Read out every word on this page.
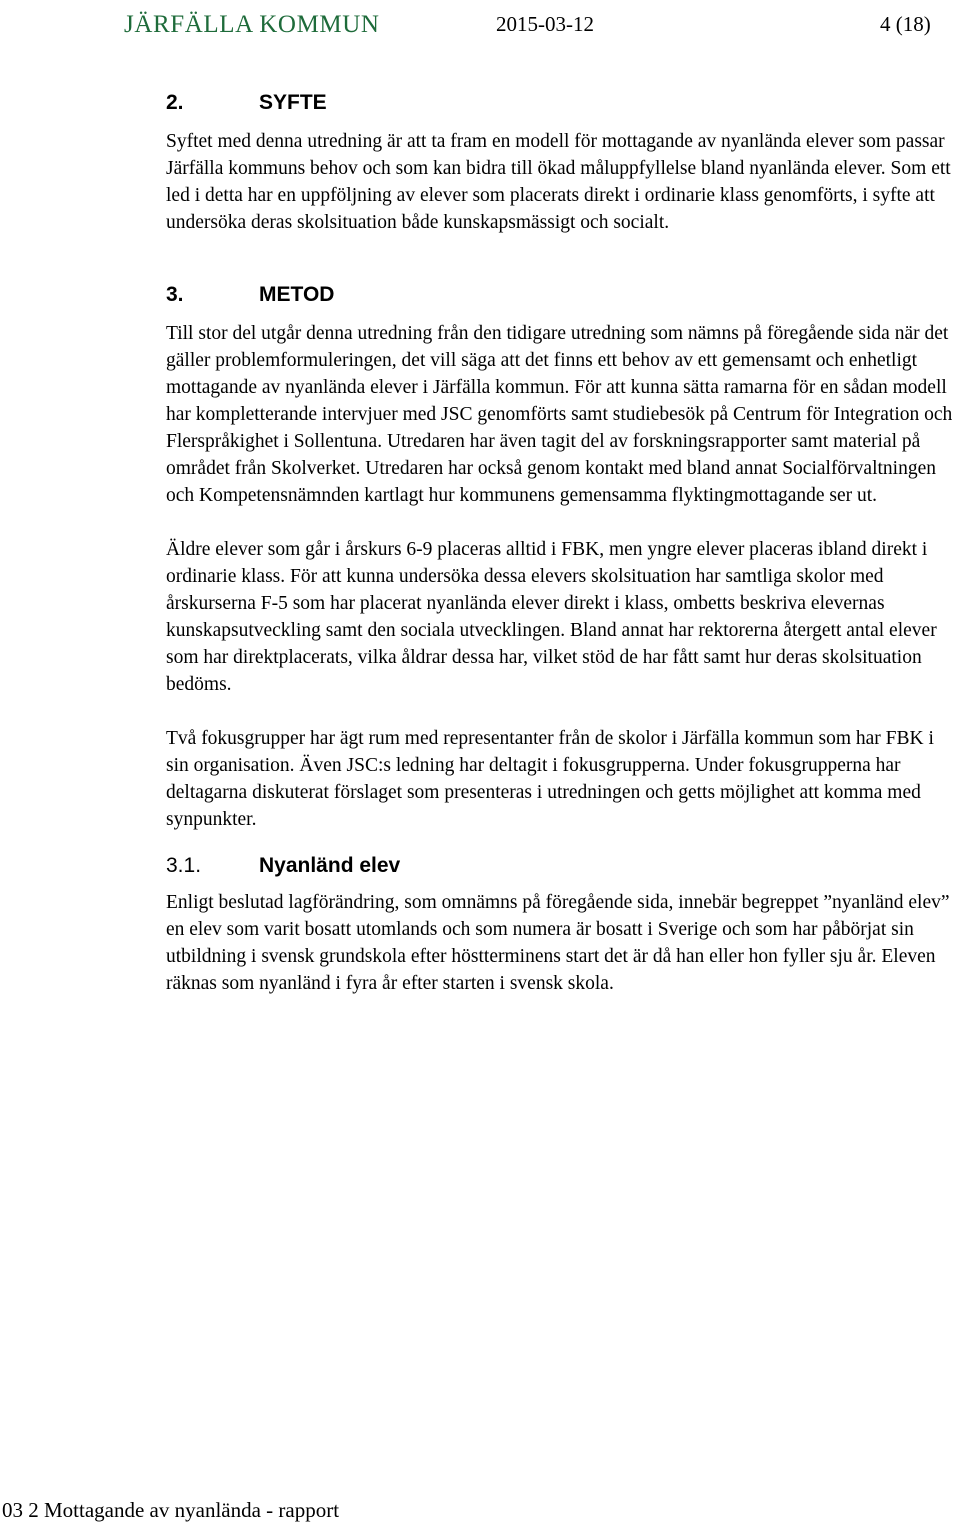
JÄRFÄLLA KOMMUN	2015-03-12	4 (18)
2.	SYFTE

Syftet med denna utredning är att ta fram en modell för mottagande av nyanlända elever som passar Järfälla kommuns behov och som kan bidra till ökad måluppfyllelse bland nyanlända elever. Som ett led i detta har en uppföljning av elever som placerats direkt i ordinarie klass genomförts, i syfte att undersöka deras skolsituation både kunskapsmässigt och socialt.

3.	METOD

Till stor del utgår denna utredning från den tidigare utredning som nämns på föregående sida när det gäller problemformuleringen, det vill säga att det finns ett behov av ett gemensamt och enhetligt mottagande av nyanlända elever i Järfälla kommun. För att kunna sätta ramarna för en sådan modell har kompletterande intervjuer med JSC genomförts samt studiebesök på Centrum för Integration och Flerspråkighet i Sollentuna. Utredaren har även tagit del av forskningsrapporter samt material på området från Skolverket. Utredaren har också genom kontakt med bland annat Socialförvaltningen och Kompetensnämnden kartlagt hur kommunens gemensamma flyktingmottagande ser ut.

Äldre elever som går i årskurs 6-9 placeras alltid i FBK, men yngre elever placeras ibland direkt i ordinarie klass. För att kunna undersöka dessa elevers skolsituation har samtliga skolor med årskurserna F-5 som har placerat nyanlända elever direkt i klass, ombetts beskriva elevernas kunskapsutveckling samt den sociala utvecklingen. Bland annat har rektorerna återgett antal elever som har direktplacerats, vilka åldrar dessa har, vilket stöd de har fått samt hur deras skolsituation bedöms.

Två fokusgrupper har ägt rum med representanter från de skolor i Järfälla kommun som har FBK i sin organisation. Även JSC:s ledning har deltagit i fokusgrupperna. Under fokusgrupperna har deltagarna diskuterat förslaget som presenteras i utredningen och getts möjlighet att komma med synpunkter.

3.1.	Nyanländ elev

Enligt beslutad lagförändring, som omnämns på föregående sida, innebär begreppet ”nyanländ elev” en elev som varit bosatt utomlands och som numera är bosatt i Sverige och som har påbörjat sin utbildning i svensk grundskola efter höstterminens start det är då han eller hon fyller sju år. Eleven räknas som nyanländ i fyra år efter starten i svensk skola.

03 2 Mottagande av nyanlända - rapport
